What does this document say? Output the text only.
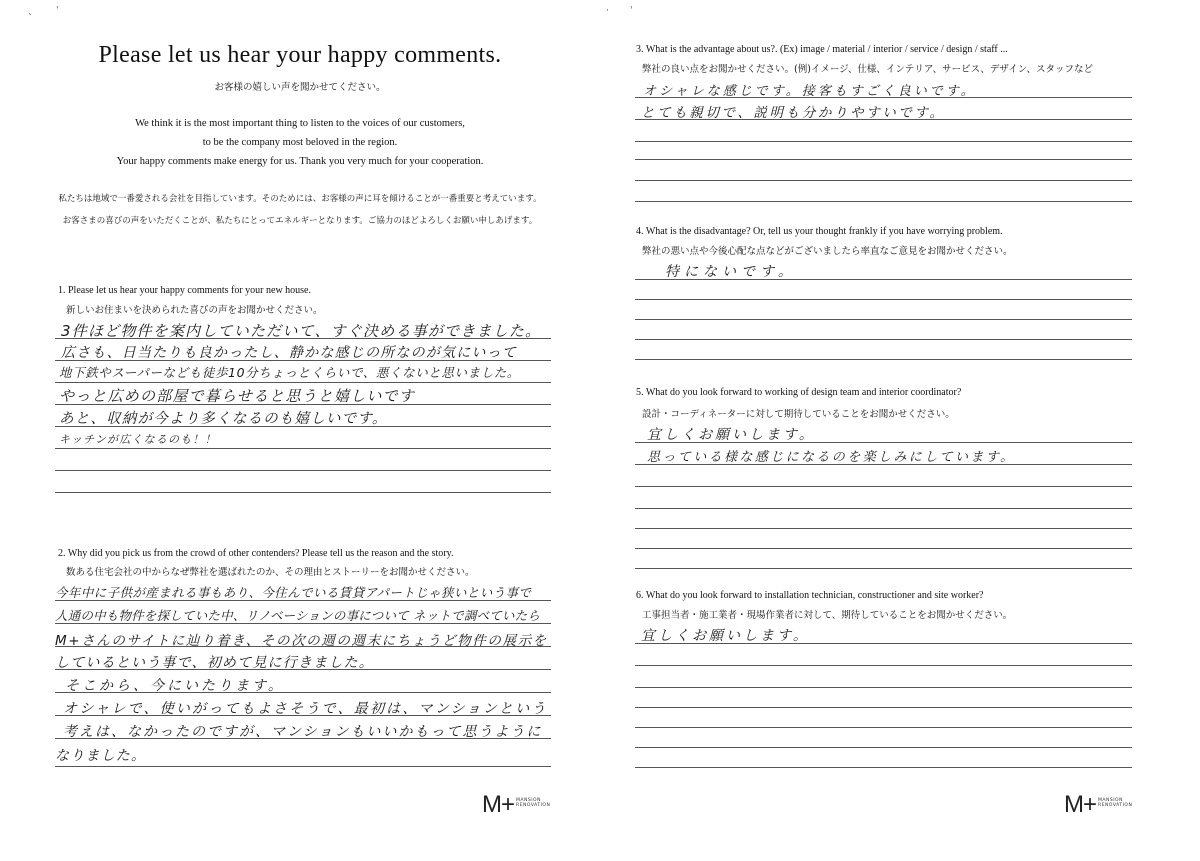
ˎ	ˈ
Please let us hear your happy comments.
お客様の嬉しい声を聞かせてください。
We think it is the most important thing to listen to the voices of our customers,
to be the company most beloved in the region.
Your happy comments make energy for us. Thank you very much for your cooperation.
私たちは地域で一番愛される会社を目指しています。そのためには、お客様の声に耳を傾けることが一番重要と考えています。
お客さまの喜びの声をいただくことが、私たちにとってエネルギーとなります。ご協力のほどよろしくお願い申しあげます。
1. Please let us hear your happy comments for your new house.
新しいお住まいを決められた喜びの声をお聞かせください。
3件ほど物件を案内していただいて、すぐ決める事ができました。
広さも、日当たりも良かったし、静かな感じの所なのが気にいって
地下鉄やスーパーなども徒歩10分ちょっとくらいで、悪くないと思いました。
やっと広めの部屋で暮らせると思うと嬉しいです
あと、収納が今より多くなるのも嬉しいです。
キッチンが広くなるのも！！
2. Why did you pick us from the crowd of other contenders? Please tell us the reason and the story.
数ある住宅会社の中からなぜ弊社を選ばれたのか、その理由とストーリーをお聞かせください。
今年中に子供が産まれる事もあり、今住んでいる賃貸アパートじゃ狭いという事で
人通の中も物件を探していた中、リノベーションの事について ネットで調べていたら
M+さんのサイトに辿り着き、その次の週の週末にちょうど物件の展示を
しているという事で、初めて見に行きました。
そこから、今にいたります。
オシャレで、使いがってもよさそうで、最初は、マンションという
考えは、なかったのですが、マンションもいいかもって思うように
なりました。
M+ MANSION
RENOVATION
· ˈ
3. What is the advantage about us?. (Ex) image / material / interior / service / design / staff ...
弊社の良い点をお聞かせください。(例)イメージ、仕様、インテリア、サービス、デザイン、スタッフなど
オシャレな感じです。接客もすごく良いです。
とても親切で、説明も分かりやすいです。
4. What is the disadvantage? Or, tell us your thought frankly if you have worrying problem.
弊社の悪い点や今後心配な点などがございましたら率直なご意見をお聞かせください。
特にないです。
5. What do you look forward to working of design team and interior coordinator?
設計・コーディネーターに対して期待していることをお聞かせください。
宜しくお願いします。
思っている様な感じになるのを楽しみにしています。
6. What do you look forward to installation technician, constructioner and site worker?
工事担当者・施工業者・現場作業者に対して、期待していることをお聞かせください。
宜しくお願いします。
M+ MANSION
RENOVATION
